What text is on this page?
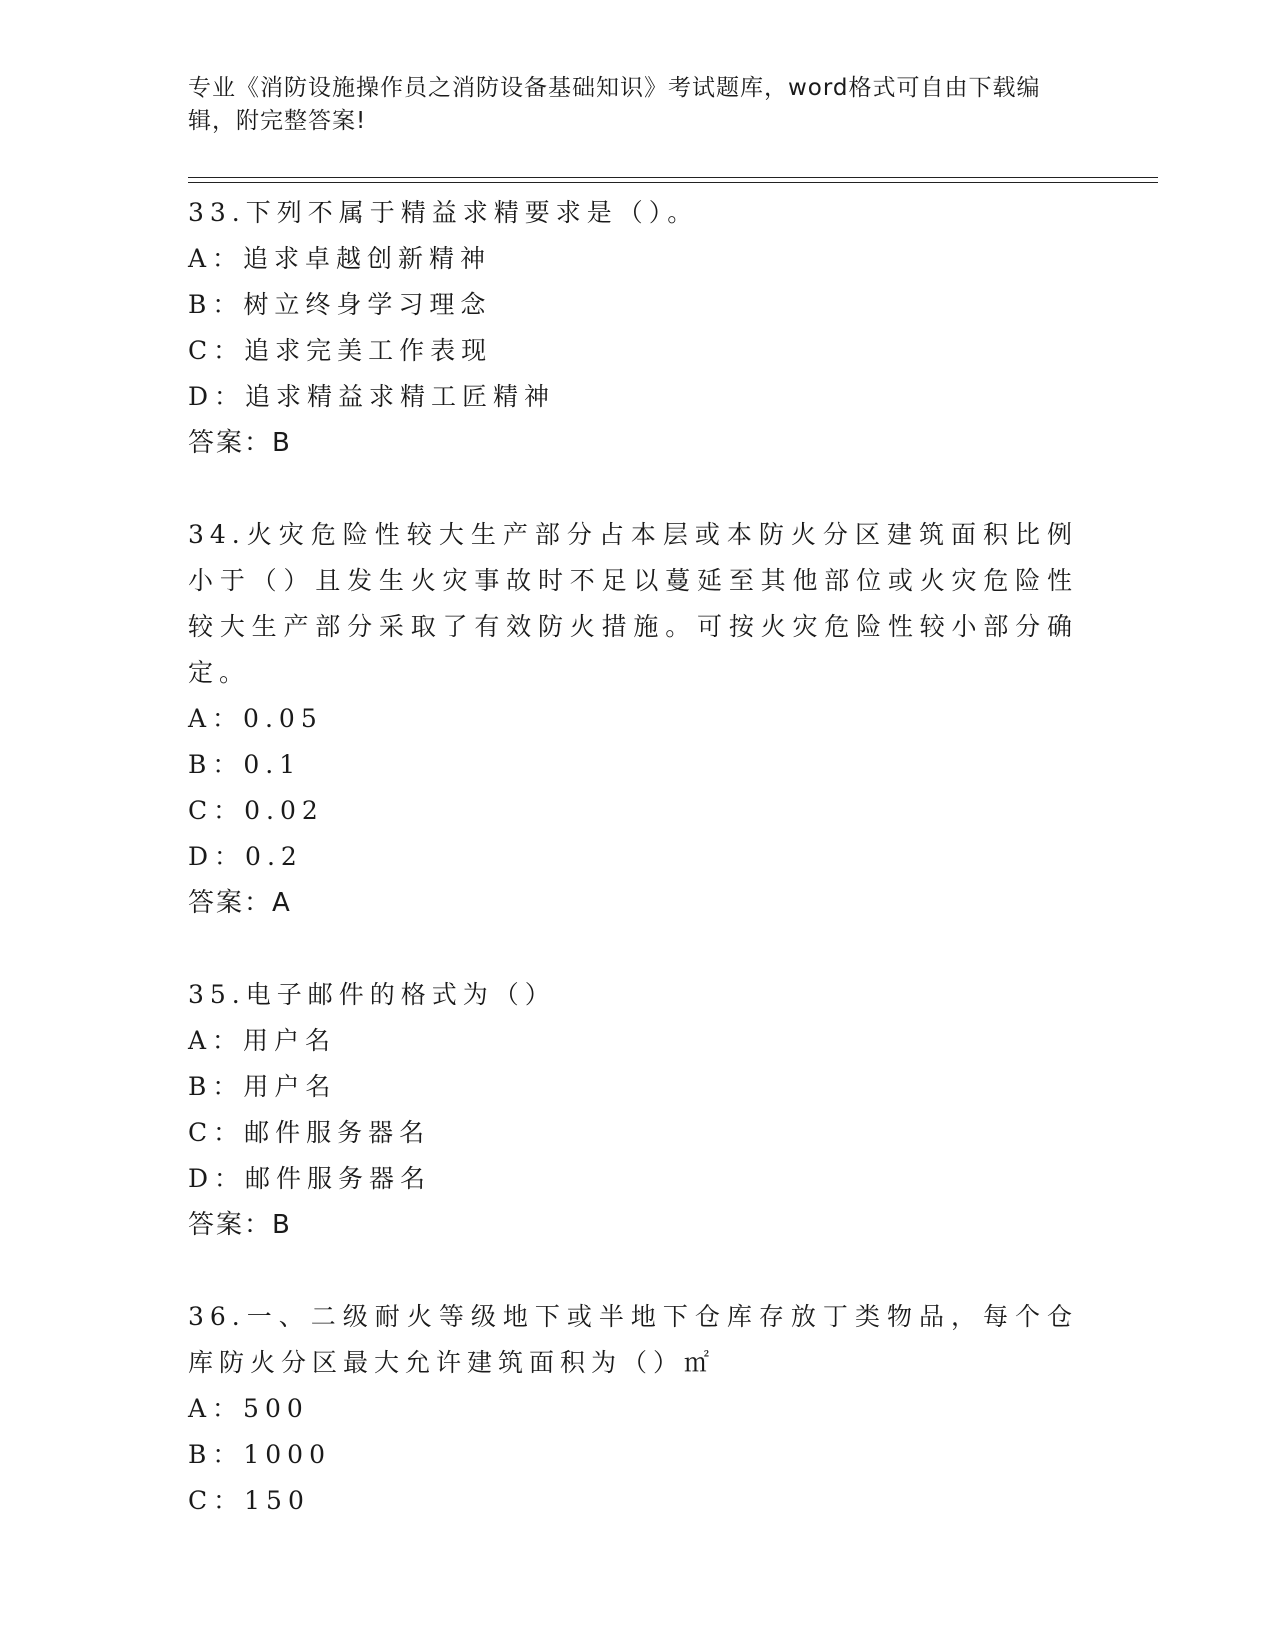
专业《消防设施操作员之消防设备基础知识》考试题库，word格式可自由下载编辑，附完整答案!
33.下列不属于精益求精要求是（）。
A：追求卓越创新精神
B：树立终身学习理念
C：追求完美工作表现
D：追求精益求精工匠精神
答案：B
34.火灾危险性较大生产部分占本层或本防火分区建筑面积比例小于（）且发生火灾事故时不足以蔓延至其他部位或火灾危险性较大生产部分采取了有效防火措施。可按火灾危险性较小部分确定。
A：0.05
B：0.1
C：0.02
D：0.2
答案：A
35.电子邮件的格式为（）
A：用户名
B：用户名
C：邮件服务器名
D：邮件服务器名
答案：B
36.一、二级耐火等级地下或半地下仓库存放丁类物品，每个仓库防火分区最大允许建筑面积为（）㎡
A：500
B：1000
C：150
